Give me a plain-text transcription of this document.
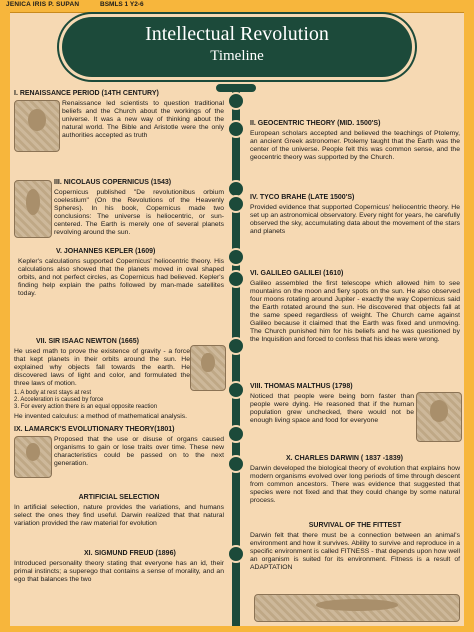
JENICA IRIS P. SUPAN	BSMLS 1 Y2-6
Intellectual Revolution
Timeline
I. RENAISSANCE PERIOD (14TH CENTURY)

Renaissance led scientists to question traditional beliefs and the Church about the workings of the universe. It was a new way of thinking about the natural world. The Bible and Aristotle were the only authorities accepted as truth

III. NICOLAUS COPERNICUS (1543)

Copernicus published "De revolutionibus orbium coelestium" (On the Revolutions of the Heavenly Spheres). In his book, Copernicus made two conclusions: The universe is heliocentric, or sun-centered. The Earth is merely one of several planets revolving around the sun.

V. JOHANNES KEPLER (1609)

Kepler's calculations supported Copernicus' heliocentric theory. His calculations also showed that the planets moved in oval shaped orbits, and not perfect circles, as Copernicus had believed. Kepler's finding help explain the paths followed by man-made satellites today.

VII. SIR ISAAC NEWTON (1665)

He used math to prove the existence of gravity - a force that kept planets in their orbits around the sun. He explained why objects fall towards the earth. He discovered laws of light and color, and formulated the three laws of motion.

1. A body at rest stays at rest
2. Acceleration is caused by force
3. For every action there is an equal opposite reaction

He invented calculus: a method of mathematical analysis.

IX. LAMARCK'S EVOLUTIONARY THEORY(1801)

Proposed that the use or disuse of organs caused organisms to gain or lose traits over time. These new characteristics could be passed on to the next generation.

ARTIFICIAL SELECTION

In artificial selection, nature provides the variations, and humans select the ones they find useful. Darwin realized that that natural variation provided the raw material for evolution

XI. SIGMUND FREUD (1896)

Introduced personality theory stating that everyone has an id, their primal instincts; a superego that contains a sense of morality, and an ego that balances the two

II. GEOCENTRIC THEORY (MID. 1500'S)

European scholars accepted and believed the teachings of Ptolemy, an ancient Greek astronomer. Ptolemy taught that the Earth was the center of the universe. People felt this was common sense, and the geocentric theory was supported by the Church.

IV. TYCO BRAHE (LATE 1500'S)

Provided evidence that supported Copernicus' heliocentric theory. He set up an astronomical observatory. Every night for years, he carefully observed the sky, accumulating data about the movement of the stars and planets

VI. GALILEO GALILEI (1610)

Galileo assembled the first telescope which allowed him to see mountains on the moon and fiery spots on the sun. He also observed four moons rotating around Jupiter - exactly the way Copernicus said the Earth rotated around the sun. He discovered that objects fall at the same speed regardless of weight. The Church came against Galileo because it claimed that the Earth was fixed and unmoving. The Church punished him for his beliefs and he was questioned by the Inquisition and forced to confess that his ideas were wrong.

VIII. THOMAS MALTHUS (1798)

Noticed that people were being born faster than people were dying. He reasoned that if the human population grew unchecked, there would not be enough living space and food for everyone

X. CHARLES DARWIN ( 1837 -1839)

Darwin developed the biological theory of evolution that explains how modern organisms evolved over long periods of time through descent from common ancestors. There was evidence that suggested that species were not fixed and that they could change by some natural process.

SURVIVAL OF THE FITTEST

Darwin felt that there must be a connection between an animal's environment and how it survives. Ability to survive and reproduce in a specific environment is called FITNESS - that depends upon how well an organism is suited for its environment. Fitness is a result of ADAPTATION
